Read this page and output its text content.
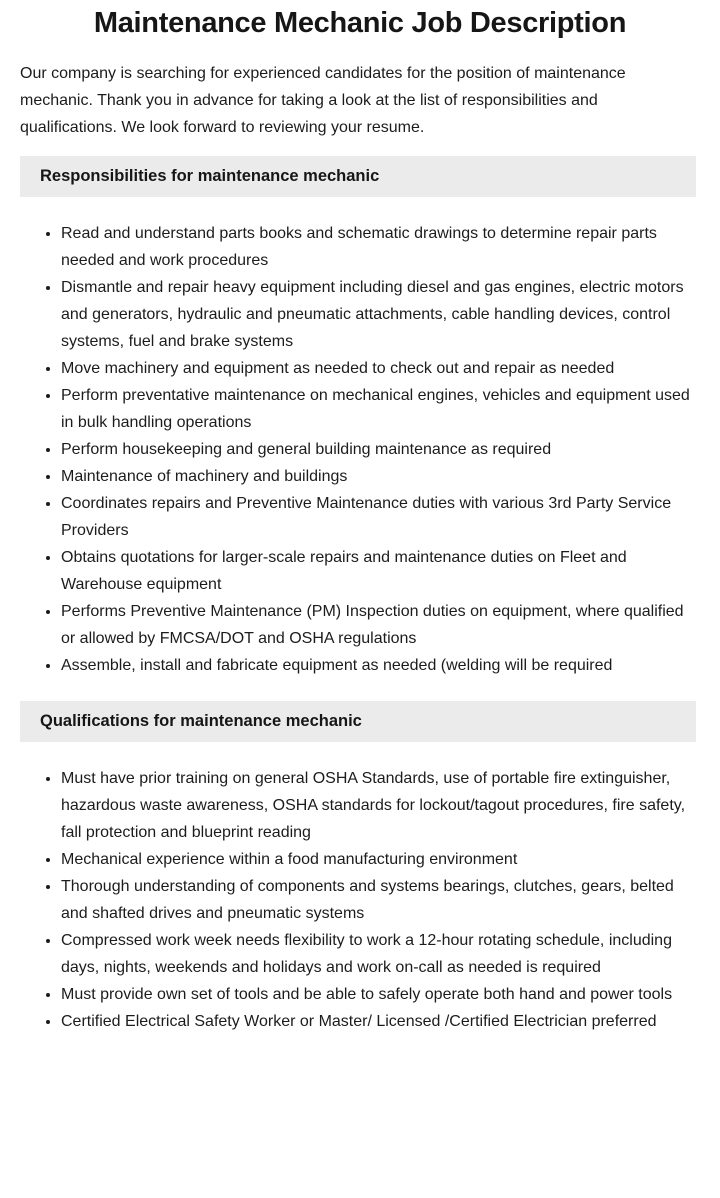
Maintenance Mechanic Job Description

Our company is searching for experienced candidates for the position of maintenance mechanic. Thank you in advance for taking a look at the list of responsibilities and qualifications. We look forward to reviewing your resume.

Responsibilities for maintenance mechanic
• Read and understand parts books and schematic drawings to determine repair parts needed and work procedures
• Dismantle and repair heavy equipment including diesel and gas engines, electric motors and generators, hydraulic and pneumatic attachments, cable handling devices, control systems, fuel and brake systems
• Move machinery and equipment as needed to check out and repair as needed
• Perform preventative maintenance on mechanical engines, vehicles and equipment used in bulk handling operations
• Perform housekeeping and general building maintenance as required
• Maintenance of machinery and buildings
• Coordinates repairs and Preventive Maintenance duties with various 3rd Party Service Providers
• Obtains quotations for larger-scale repairs and maintenance duties on Fleet and Warehouse equipment
• Performs Preventive Maintenance (PM) Inspection duties on equipment, where qualified or allowed by FMCSA/DOT and OSHA regulations
• Assemble, install and fabricate equipment as needed (welding will be required
Qualifications for maintenance mechanic
• Must have prior training on general OSHA Standards, use of portable fire extinguisher, hazardous waste awareness, OSHA standards for lockout/tagout procedures, fire safety, fall protection and blueprint reading
• Mechanical experience within a food manufacturing environment
• Thorough understanding of components and systems bearings, clutches, gears, belted and shafted drives and pneumatic systems
• Compressed work week needs flexibility to work a 12-hour rotating schedule, including days, nights, weekends and holidays and work on-call as needed is required
• Must provide own set of tools and be able to safely operate both hand and power tools
• Certified Electrical Safety Worker or Master/ Licensed /Certified Electrician preferred
